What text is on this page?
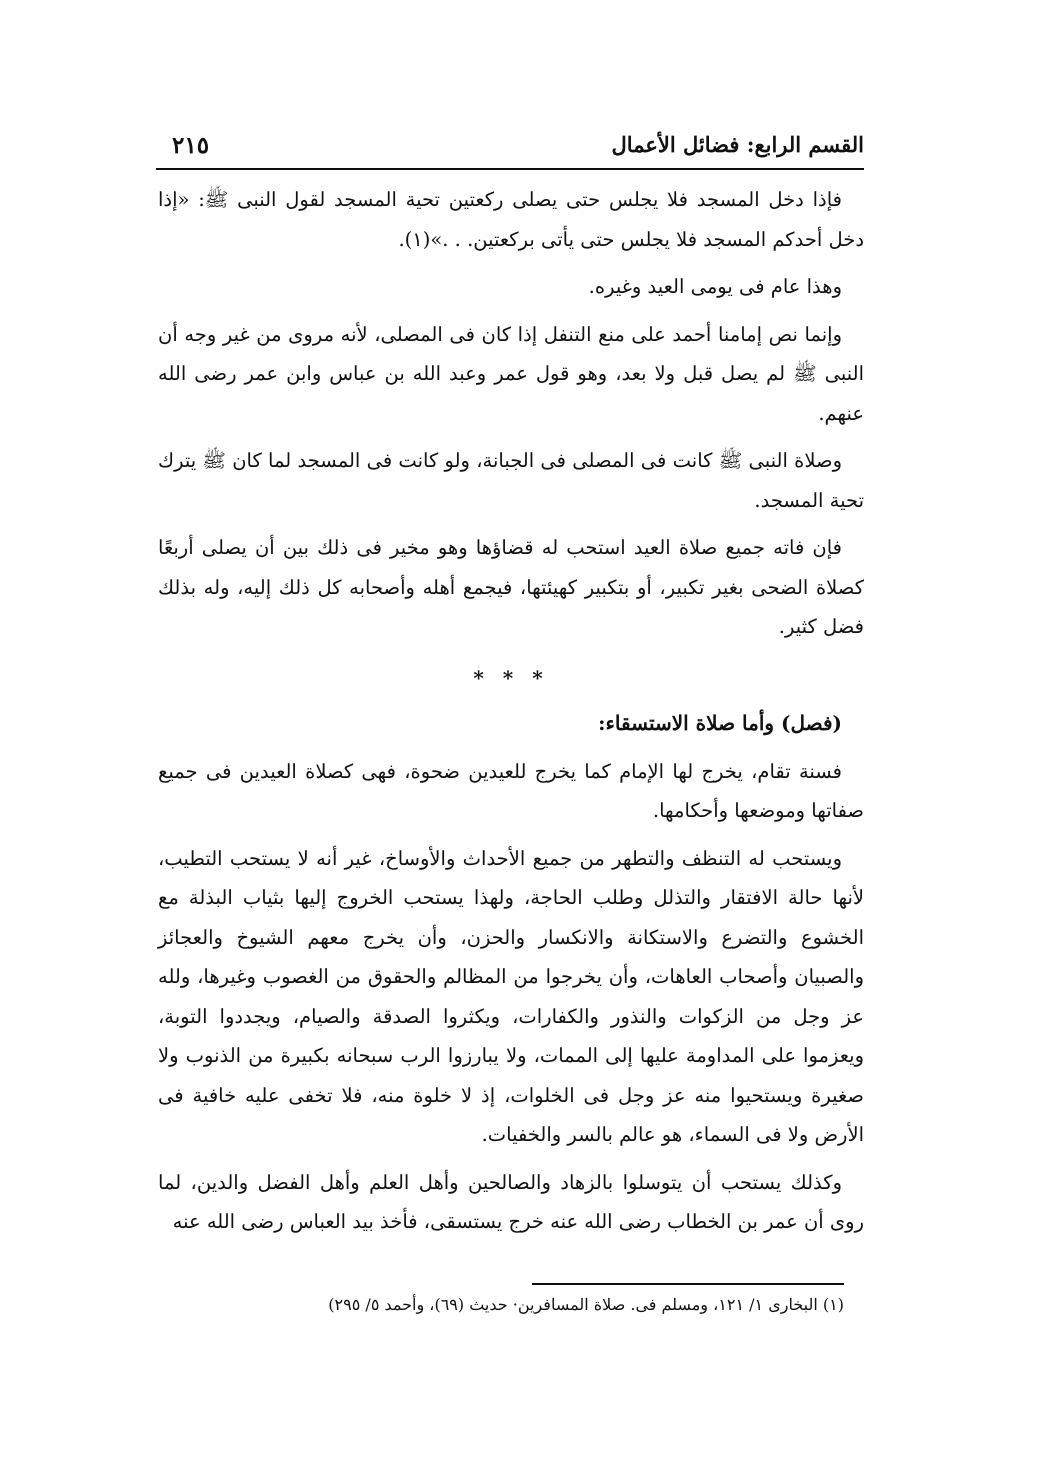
القسم الرابع: فضائل الأعمال
٢١٥

فإذا دخل المسجد فلا يجلس حتى يصلى ركعتين تحية المسجد لقول النبى ﷺ: «إذا دخل أحدكم المسجد فلا يجلس حتى يأتى بركعتين. . .»(١).

وهذا عام فى يومى العيد وغيره.

وإنما نص إمامنا أحمد على منع التنفل إذا كان فى المصلى، لأنه مروى من غير وجه أن النبى ﷺ لم يصل قبل ولا بعد، وهو قول عمر وعبد الله بن عباس وابن عمر رضى الله عنهم.

وصلاة النبى ﷺ كانت فى المصلى فى الجبانة، ولو كانت فى المسجد لما كان ﷺ يترك تحية المسجد.

فإن فاته جميع صلاة العيد استحب له قضاؤها وهو مخير فى ذلك بين أن يصلى أربعًا كصلاة الضحى بغير تكبير، أو بتكبير كهيئتها، فيجمع أهله وأصحابه كل ذلك إليه، وله بذلك فضل كثير.

* * *

(فصل) وأما صلاة الاستسقاء:

فسنة تقام، يخرج لها الإمام كما يخرج للعيدين ضحوة، فهى كصلاة العيدين فى جميع صفاتها وموضعها وأحكامها.

ويستحب له التنظف والتطهر من جميع الأحداث والأوساخ، غير أنه لا يستحب التطيب، لأنها حالة الافتقار والتذلل وطلب الحاجة، ولهذا يستحب الخروج إليها بثياب البذلة مع الخشوع والتضرع والاستكانة والانكسار والحزن، وأن يخرج معهم الشيوخ والعجائز والصبيان وأصحاب العاهات، وأن يخرجوا من المظالم والحقوق من الغصوب وغيرها، ولله عز وجل من الزكوات والنذور والكفارات، ويكثروا الصدقة والصيام، ويجددوا التوبة، ويعزموا على المداومة عليها إلى الممات، ولا يبارزوا الرب سبحانه بكبيرة من الذنوب ولا صغيرة ويستحيوا منه عز وجل فى الخلوات، إذ لا خلوة منه، فلا تخفى عليه خافية فى الأرض ولا فى السماء، هو عالم بالسر والخفيات.

وكذلك يستحب أن يتوسلوا بالزهاد والصالحين وأهل العلم وأهل الفضل والدين، لما روى أن عمر بن الخطاب رضى الله عنه خرج يستسقى، فأخذ بيد العباس رضى الله عنه

(١) البخارى ١/ ١٢١، ومسلم فى. صلاة المسافرين· حديث (٦٩)، وأحمد ٥/ ٢٩٥)
